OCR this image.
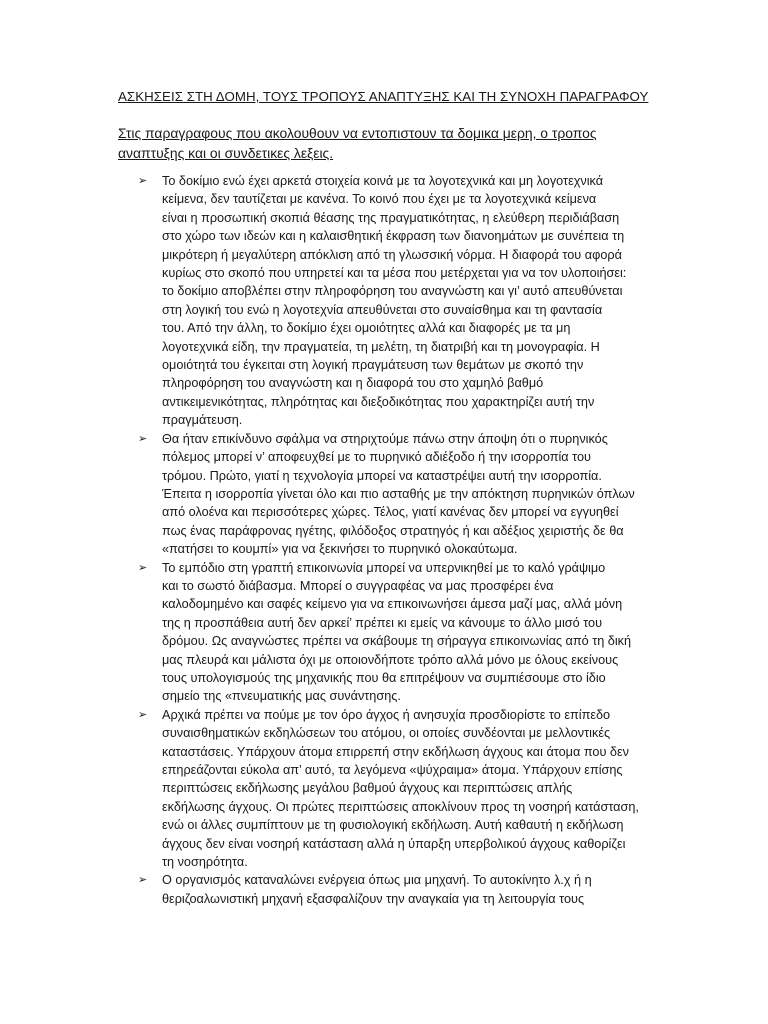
ΑΣΚΗΣΕΙΣ ΣΤΗ ΔΟΜΗ, ΤΟΥΣ ΤΡΟΠΟΥΣ ΑΝΑΠΤΥΞΗΣ ΚΑΙ ΤΗ ΣΥΝΟΧΗ ΠΑΡΑΓΡΑΦΟΥ
Στις παραγραφους που ακολουθουν να εντοπιστουν τα δομικα μερη, ο τροπος
αναπτυξης και οι συνδετικες λεξεις.
➢ Το δοκίμιο ενώ έχει αρκετά στοιχεία κοινά με τα λογοτεχνικά και μη λογοτεχνικά
κείμενα, δεν ταυτίζεται με κανένα. Το κοινό που έχει με τα λογοτεχνικά κείμενα
είναι η προσωπική σκοπιά θέασης της πραγματικότητας, η ελεύθερη περιδιάβαση
στο χώρο των ιδεών και η καλαισθητική έκφραση των διανοημάτων με συνέπεια τη
μικρότερη ή μεγαλύτερη απόκλιση από τη γλωσσική νόρμα. Η διαφορά του αφορά
κυρίως στο σκοπό που υπηρετεί και τα μέσα που μετέρχεται για να τον υλοποιήσει:
το δοκίμιο αποβλέπει στην πληροφόρηση του αναγνώστη και γι’ αυτό απευθύνεται
στη λογική του ενώ η λογοτεχνία απευθύνεται στο συναίσθημα και τη φαντασία
του. Από την άλλη, το δοκίμιο έχει ομοιότητες αλλά και διαφορές με τα μη
λογοτεχνικά είδη, την πραγματεία, τη μελέτη, τη διατριβή και τη μονογραφία. Η
ομοιότητά του έγκειται στη λογική πραγμάτευση των θεμάτων με σκοπό την
πληροφόρηση του αναγνώστη και η διαφορά του στο χαμηλό βαθμό
αντικειμενικότητας, πληρότητας και διεξοδικότητας που χαρακτηρίζει αυτή την
πραγμάτευση.
➢ Θα ήταν επικίνδυνο σφάλμα να στηριχτούμε πάνω στην άποψη ότι ο πυρηνικός
πόλεμος μπορεί ν’ αποφευχθεί με το πυρηνικό αδιέξοδο ή την ισορροπία του
τρόμου. Πρώτο, γιατί η τεχνολογία μπορεί να καταστρέψει αυτή την ισορροπία.
Έπειτα η ισορροπία γίνεται όλο και πιο ασταθής με την απόκτηση πυρηνικών όπλων
από ολοένα και περισσότερες χώρες. Τέλος, γιατί κανένας δεν μπορεί να εγγυηθεί
πως ένας παράφρονας ηγέτης, φιλόδοξος στρατηγός ή και αδέξιος χειριστής δε θα
«πατήσει το κουμπί» για να ξεκινήσει το πυρηνικό ολοκαύτωμα.
➢ Το εμπόδιο στη γραπτή επικοινωνία μπορεί να υπερνικηθεί με το καλό γράψιμο
και το σωστό διάβασμα. Μπορεί ο συγγραφέας να μας προσφέρει ένα
καλοδομημένο και σαφές κείμενο για να επικοινωνήσει άμεσα μαζί μας, αλλά μόνη
της η προσπάθεια αυτή δεν αρκεί’ πρέπει κι εμείς να κάνουμε το άλλο μισό του
δρόμου. Ως αναγνώστες πρέπει να σκάβουμε τη σήραγγα επικοινωνίας από τη δική
μας πλευρά και μάλιστα όχι με οποιονδήποτε τρόπο αλλά μόνο με όλους εκείνους
τους υπολογισμούς της μηχανικής που θα επιτρέψουν να συμπιέσουμε στο ίδιο
σημείο της «πνευματικής μας συνάντησης.
➢ Αρχικά πρέπει να πούμε με τον όρο άγχος ή ανησυχία προσδιορίστε το επίπεδο
συναισθηματικών εκδηλώσεων του ατόμου, οι οποίες συνδέονται με μελλοντικές
καταστάσεις. Υπάρχουν άτομα επιρρεπή στην εκδήλωση άγχους και άτομα που δεν
επηρεάζονται εύκολα απ’ αυτό, τα λεγόμενα «ψύχραιμα» άτομα. Υπάρχουν επίσης
περιπτώσεις εκδήλωσης μεγάλου βαθμού άγχους και περιπτώσεις απλής
εκδήλωσης άγχους. Οι πρώτες περιπτώσεις αποκλίνουν προς τη νοσηρή κατάσταση,
ενώ οι άλλες συμπίπτουν με τη φυσιολογική εκδήλωση. Αυτή καθαυτή η εκδήλωση
άγχους δεν είναι νοσηρή κατάσταση αλλά η ύπαρξη υπερβολικού άγχους καθορίζει
τη νοσηρότητα.
➢ Ο οργανισμός καταναλώνει ενέργεια όπως μια μηχανή. Το αυτοκίνητο λ.χ ή η
θεριζοαλωνιστική μηχανή εξασφαλίζουν την αναγκαία για τη λειτουργία τους
